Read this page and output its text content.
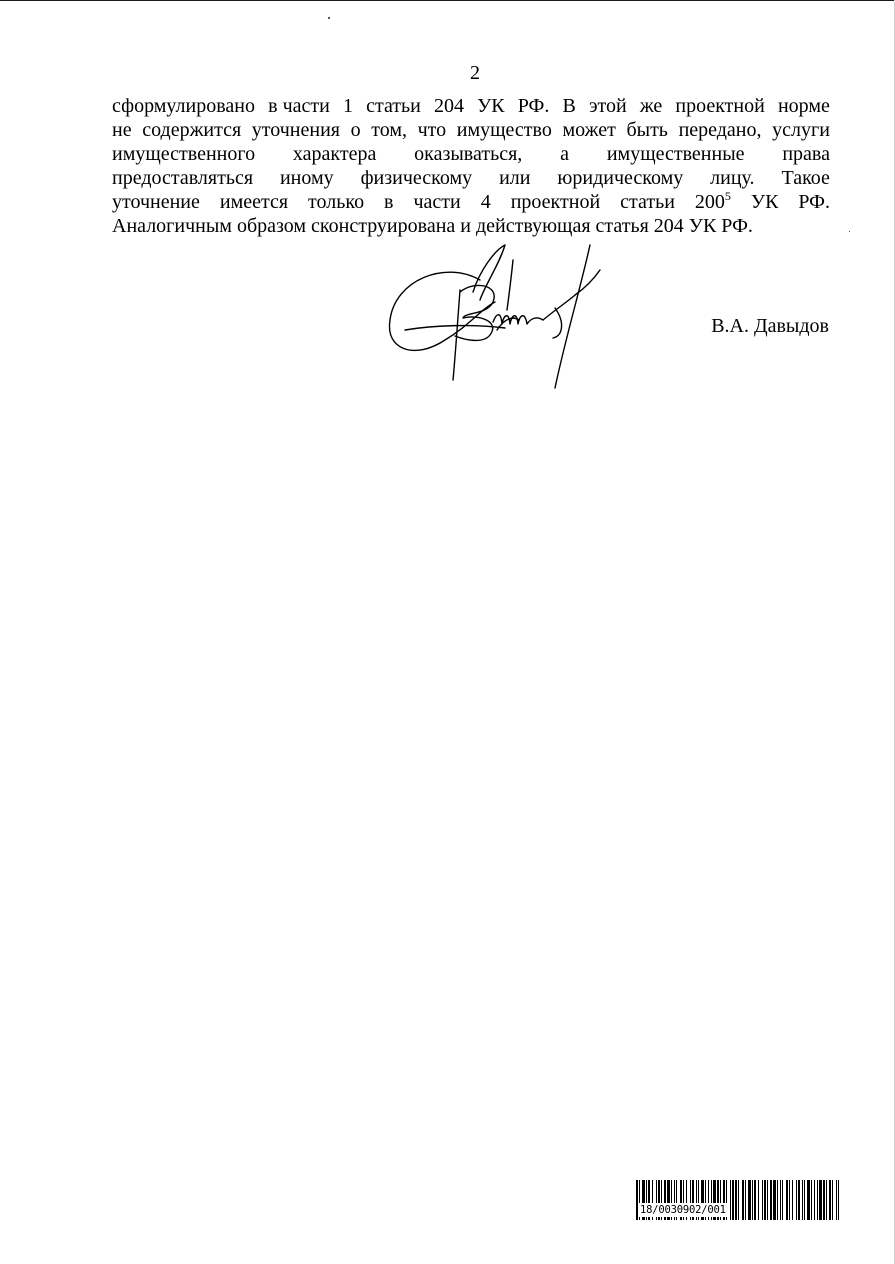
2
сформулировано в части 1 статьи 204 УК РФ. В этой же проектной норме
не содержится уточнения о том, что имущество может быть передано, услуги
имущественного характера оказываться, а имущественные права
предоставляться иному физическому или юридическому лицу. Такое
уточнение имеется только в части 4 проектной статьи $200^5$ УК РФ.
Аналогичным образом сконструирована и действующая статья 204 УК РФ.
В.А. Давыдов
18/0030902/001
